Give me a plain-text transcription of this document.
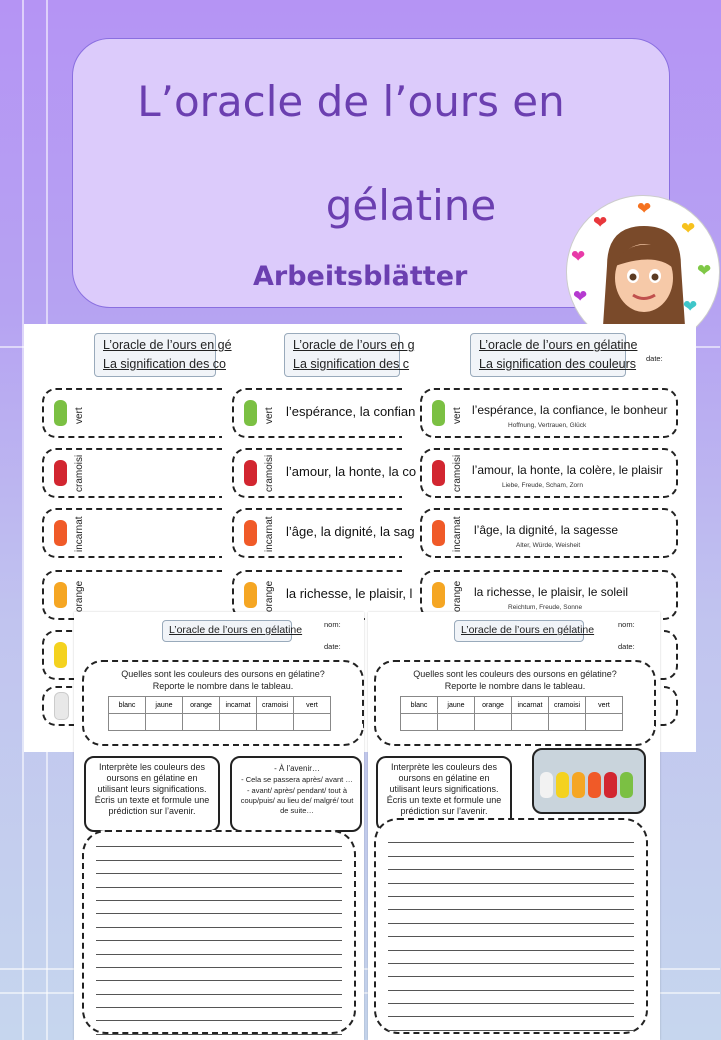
L’oracle de l’ours en
gélatine
Arbeitsblätter
❤
❤
❤
❤
❤
❤
❤
L’oracle de l’ours en gé
La signification des co
L’oracle de l’ours en g
La signification des c
L’oracle de l’ours en gélatine
La signification des couleurs date:
vert
cramoisi
incarnat
orange
vert l’espérance, la confian
cramoisi l’amour, la honte, la co
incarnat l’âge, la dignité, la sag
orange la richesse, le plaisir, l
vert l’espérance, la confiance, le bonheur
Hoffnung, Vertrauen, Glück
cramoisi l’amour, la honte, la colère, le plaisir
Liebe, Freude, Scham, Zorn
incarnat l’âge, la dignité, la sagesse
Alter, Würde, Weisheit
orange la richesse, le plaisir, le soleil
Reichtum, Freude, Sonne
L’oracle de l’ours en gélatine	nom:
date:
Quelles sont les couleurs des oursons en gélatine?
Reporte le nombre dans le tableau.
blanc	jaune	orange	incarnat	cramoisi	vert

Interprète les couleurs des oursons en gélatine en utilisant leurs significations. Écris un texte et formule une prédiction sur l’avenir.
- À l’avenir…
- Cela se passera après/ avant …
- avant/ après/ pendant/ tout à coup/puis/ au lieu de/ malgré/ tout de suite…
L’oracle de l’ours en gélatine	nom:
date:
Quelles sont les couleurs des oursons en gélatine?
Reporte le nombre dans le tableau.
blanc	jaune	orange	incarnat	cramoisi	vert

Interprète les couleurs des oursons en gélatine en utilisant leurs significations. Écris un texte et formule une prédiction sur l’avenir.
